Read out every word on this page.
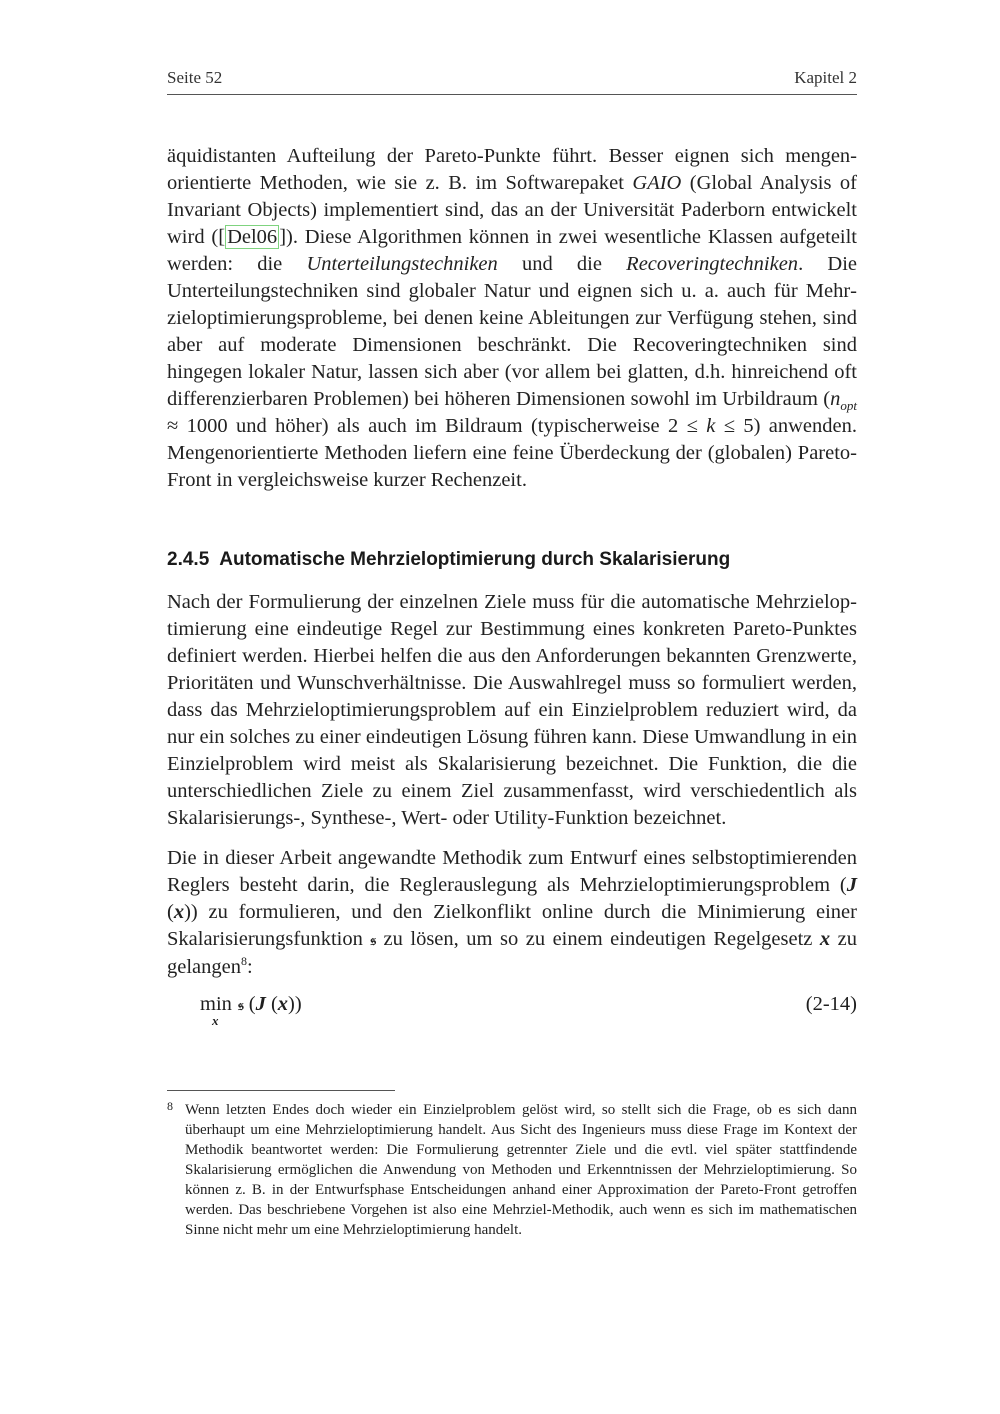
Seite 52	Kapitel 2

äquidistanten Aufteilung der Pareto-Punkte führt. Besser eignen sich mengenorientierte Methoden, wie sie z. B. im Softwarepaket GAIO (Global Analysis of Invariant Objects) implementiert sind, das an der Universität Paderborn entwickelt wird ([Del06]). Diese Algorithmen können in zwei wesentliche Klassen aufgeteilt werden: die Unterteilungstechniken und die Recoveringtechniken. Die Unterteilungstechniken sind globaler Natur und eignen sich u. a. auch für Mehrzieloptimierungsprobleme, bei denen keine Ableitungen zur Verfügung stehen, sind aber auf moderate Dimensionen beschränkt. Die Recoveringtechniken sind hingegen lokaler Natur, lassen sich aber (vor allem bei glatten, d.h. hinreichend oft differenzierbaren Problemen) bei höheren Dimensionen sowohl im Urbildraum ($n_{opt} \approx 1000$ und höher) als auch im Bildraum (typischerweise 2 ≤ k ≤ 5) anwenden. Mengenorientierte Methoden liefern eine feine Überdeckung der (globalen) Pareto-Front in vergleichsweise kurzer Rechenzeit.

2.4.5 Automatische Mehrzieloptimierung durch Skalarisierung

Nach der Formulierung der einzelnen Ziele muss für die automatische Mehrzieloptimierung eine eindeutige Regel zur Bestimmung eines konkreten Pareto-Punktes definiert werden. Hierbei helfen die aus den Anforderungen bekannten Grenzwerte, Prioritäten und Wunschverhältnisse. Die Auswahlregel muss so formuliert werden, dass das Mehrzieloptimierungsproblem auf ein Einzielproblem reduziert wird, da nur ein solches zu einer eindeutigen Lösung führen kann. Diese Umwandlung in ein Einzielproblem wird meist als Skalarisierung bezeichnet. Die Funktion, die die unterschiedlichen Ziele zu einem Ziel zusammenfasst, wird verschiedentlich als Skalarisierungs-, Synthese-, Wert- oder Utility-Funktion bezeichnet.

Die in dieser Arbeit angewandte Methodik zum Entwurf eines selbstoptimierenden Reglers besteht darin, die Reglerauslegung als Mehrzieloptimierungsproblem (J (x)) zu formulieren, und den Zielkonflikt online durch die Minimierung einer Skalarisierungsfunktion 𝔰 zu lösen, um so zu einem eindeutigen Regelgesetz x zu gelangen$^8$:

min
x
𝔰 (J (x))	(2-14)
8 Wenn letzten Endes doch wieder ein Einzielproblem gelöst wird, so stellt sich die Frage, ob es sich dann überhaupt um eine Mehrzieloptimierung handelt. Aus Sicht des Ingenieurs muss diese Frage im Kontext der Methodik beantwortet werden: Die Formulierung getrennter Ziele und die evtl. viel später stattfindende Skalarisierung ermöglichen die Anwendung von Methoden und Erkenntnissen der Mehrzieloptimierung. So können z. B. in der Entwurfsphase Entscheidungen anhand einer Approximation der Pareto-Front getroffen werden. Das beschriebene Vorgehen ist also eine Mehrziel-Methodik, auch wenn es sich im mathematischen Sinne nicht mehr um eine Mehrzieloptimierung handelt.
